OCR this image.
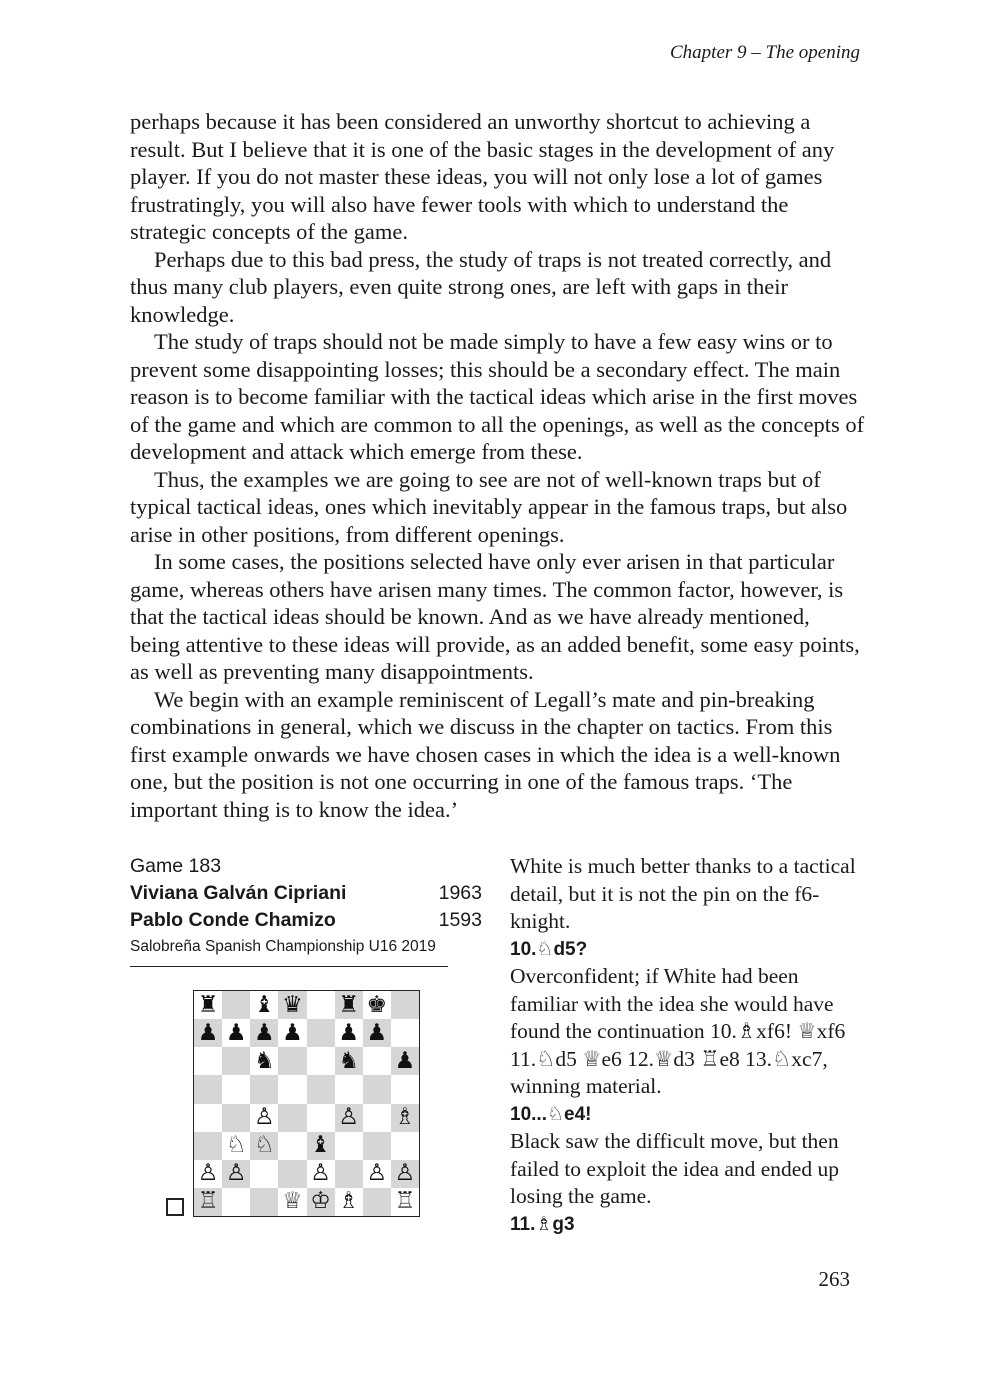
Chapter 9 – The opening

perhaps because it has been considered an unworthy shortcut to achieving a result. But I believe that it is one of the basic stages in the development of any player. If you do not master these ideas, you will not only lose a lot of games frustratingly, you will also have fewer tools with which to understand the strategic concepts of the game.

Perhaps due to this bad press, the study of traps is not treated correctly, and thus many club players, even quite strong ones, are left with gaps in their knowledge.

The study of traps should not be made simply to have a few easy wins or to prevent some disappointing losses; this should be a secondary effect. The main reason is to become familiar with the tactical ideas which arise in the first moves of the game and which are common to all the openings, as well as the concepts of development and attack which emerge from these.

Thus, the examples we are going to see are not of well-known traps but of typical tactical ideas, ones which inevitably appear in the famous traps, but also arise in other positions, from different openings.

In some cases, the positions selected have only ever arisen in that particular game, whereas others have arisen many times. The common factor, however, is that the tactical ideas should be known. And as we have already mentioned, being attentive to these ideas will provide, as an added benefit, some easy points, as well as preventing many disappointments.

We begin with an example reminiscent of Legall’s mate and pin-breaking combinations in general, which we discuss in the chapter on tactics. From this first example onwards we have chosen cases in which the idea is a well-known one, but the position is not one occurring in one of the famous traps. ‘The important thing is to know the idea.’

Game 183
Viviana Galván Cipriani	1963
Pablo Conde Chamizo	1593
Salobreña Spanish Championship U16 2019
♜ ♝ ♛ ♜ ♚
♟ ♟ ♟ ♟ ♟ ♟
♞	♞ ♟
♙	♙ ♗
♘ ♘ ♝
♙ ♙	♙ ♙ ♙
♖	♕ ♔ ♗ ♖

White is much better thanks to a tactical detail, but it is not the pin on the f6-knight.

10.♘d5?

Overconfident; if White had been familiar with the idea she would have found the continuation 10.♗xf6! ♕xf6 11.♘d5 ♕e6 12.♕d3 ♖e8 13.♘xc7, winning material.

10...♘e4!

Black saw the difficult move, but then failed to exploit the idea and ended up losing the game.

11.♗g3

263
